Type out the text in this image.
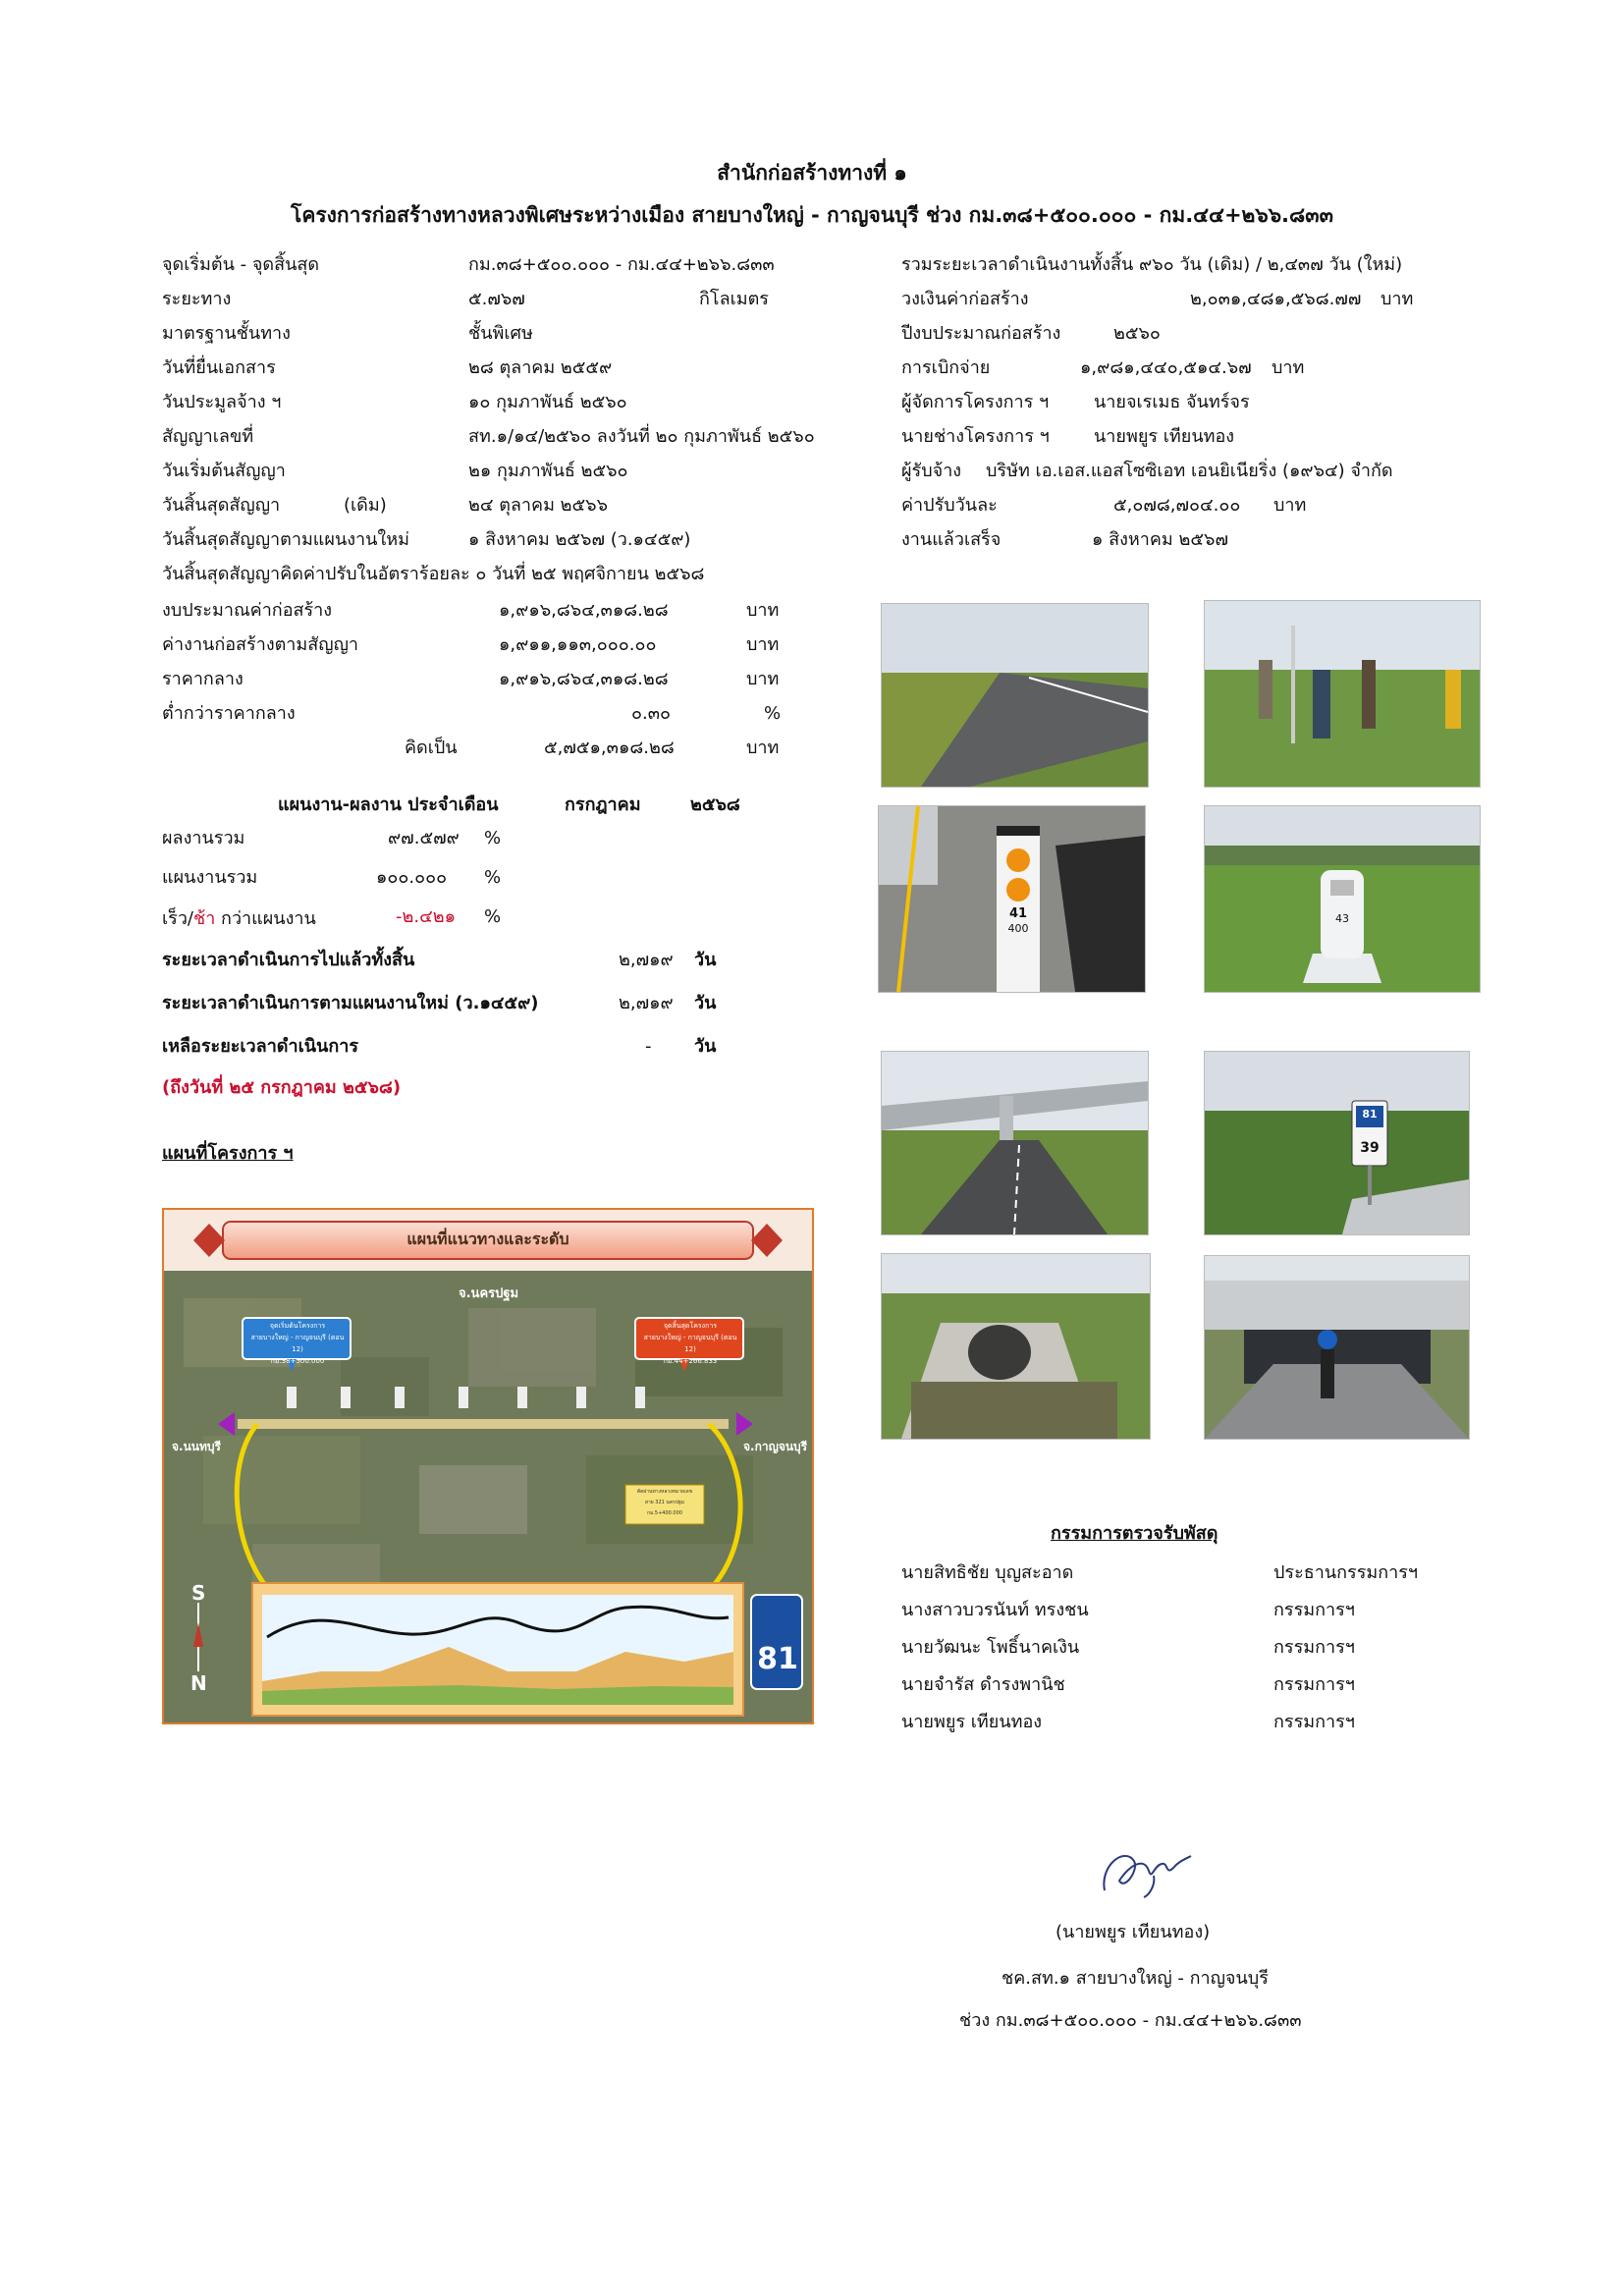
สำนักก่อสร้างทางที่ ๑
โครงการก่อสร้างทางหลวงพิเศษระหว่างเมือง สายบางใหญ่ - กาญจนบุรี ช่วง กม.๓๘+๕๐๐.๐๐๐ - กม.๔๔+๒๖๖.๘๓๓
จุดเริ่มต้น - จุดสิ้นสุด	กม.๓๘+๕๐๐.๐๐๐ - กม.๔๔+๒๖๖.๘๓๓
ระยะทาง	๕.๗๖๗	กิโลเมตร
มาตรฐานชั้นทาง	ชั้นพิเศษ
วันที่ยื่นเอกสาร	๒๘ ตุลาคม ๒๕๕๙
วันประมูลจ้าง ฯ	๑๐ กุมภาพันธ์ ๒๕๖๐
สัญญาเลขที่	สท.๑/๑๔/๒๕๖๐ ลงวันที่ ๒๐ กุมภาพันธ์ ๒๕๖๐
วันเริ่มต้นสัญญา	๒๑ กุมภาพันธ์ ๒๕๖๐
วันสิ้นสุดสัญญา	(เดิม)	๒๔ ตุลาคม ๒๕๖๖
วันสิ้นสุดสัญญาตามแผนงานใหม่	๑ สิงหาคม ๒๕๖๗ (ว.๑๔๕๙)
วันสิ้นสุดสัญญาคิดค่าปรับในอัตราร้อยละ ๐ วันที่ ๒๕ พฤศจิกายน ๒๕๖๘
งบประมาณค่าก่อสร้าง	๑,๙๑๖,๘๖๔,๓๑๘.๒๘	บาท
ค่างานก่อสร้างตามสัญญา	๑,๙๑๑,๑๑๓,๐๐๐.๐๐	บาท
ราคากลาง	๑,๙๑๖,๘๖๔,๓๑๘.๒๘	บาท
ต่ำกว่าราคากลาง	๐.๓๐	%
คิดเป็น	๕,๗๕๑,๓๑๘.๒๘	บาท
รวมระยะเวลาดำเนินงานทั้งสิ้น ๙๖๐ วัน (เดิม) / ๒,๔๓๗ วัน (ใหม่)
วงเงินค่าก่อสร้าง	๒,๐๓๑,๔๘๑,๕๖๘.๗๗ บาท
ปีงบประมาณก่อสร้าง	๒๕๖๐
การเบิกจ่าย	๑,๙๘๑,๔๔๐,๕๑๔.๖๗ บาท
ผู้จัดการโครงการ ฯ	นายจเรเมธ จันทร์จร
นายช่างโครงการ ฯ	นายพยูร เทียนทอง
ผู้รับจ้าง บริษัท เอ.เอส.แอสโซซิเอท เอนยิเนียริ่ง (๑๙๖๔) จำกัด
ค่าปรับวันละ	๕,๐๗๘,๗๐๔.๐๐ บาท
งานแล้วเสร็จ	๑ สิงหาคม ๒๕๖๗
แผนงาน-ผลงาน ประจำเดือน	กรกฎาคม	๒๕๖๘
ผลงานรวม	๙๗.๕๗๙ %
แผนงานรวม	๑๐๐.๐๐๐ %
เร็ว/ช้า กว่าแผนงาน	-๒.๔๒๑ %
ระยะเวลาดำเนินการไปแล้วทั้งสิ้น	๒,๗๑๙ วัน
ระยะเวลาดำเนินการตามแผนงานใหม่ (ว.๑๔๕๙)	๒,๗๑๙ วัน
เหลือระยะเวลาดำเนินการ	- วัน
(ถึงวันที่ ๒๕ กรกฎาคม ๒๕๖๘)
แผนที่โครงการ ฯ
แผนที่แนวทางและระดับ
จ.นครปฐม
จุดเริ่มต้นโครงการ
สายบางใหญ่ - กาญจนบุรี (ตอน 12)
กม.38+500.000
จุดสิ้นสุดโครงการ
สายบางใหญ่ - กาญจนบุรี (ตอน 12)
กม.44+266.833
ตัดผ่านทางหลวงหมายเลข
สาย 321 นครปฐม
กม.5+400.000
จ.นนทบุรี	จ.กาญจนบุรี
S
N
81
41
400
43
81
39
กรรมการตรวจรับพัสดุ
นายสิทธิชัย บุญสะอาด	ประธานกรรมการฯ
นางสาวบวรนันท์ ทรงชน	กรรมการฯ
นายวัฒนะ โพธิ์นาคเงิน	กรรมการฯ
นายจำรัส ดำรงพานิช	กรรมการฯ
นายพยูร เทียนทอง	กรรมการฯ
(นายพยูร เทียนทอง)
ชค.สท.๑ สายบางใหญ่ - กาญจนบุรี
ช่วง กม.๓๘+๕๐๐.๐๐๐ - กม.๔๔+๒๖๖.๘๓๓
